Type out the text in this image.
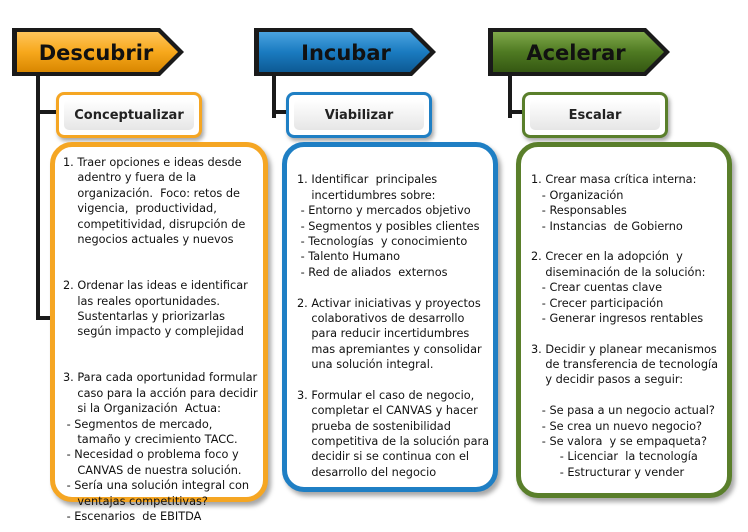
Descubrir
Conceptualizar
1. Traer opciones e ideas desde
adentro y fuera de la
organización.  Foco: retos de
vigencia,  productividad,
competitividad, disrupción de
negocios actuales y nuevos
2. Ordenar las ideas e identificar
las reales oportunidades.
Sustentarlas y priorizarlas
según impacto y complejidad
3. Para cada oportunidad formular
caso para la acción para decidir
si la Organización  Actua:
- Segmentos de mercado,
tamaño y crecimiento TACC.
- Necesidad o problema foco y
CANVAS de nuestra solución.
- Sería una solución integral con
ventajas competitivas?
- Escenarios  de EBITDA
Incubar
Viabilizar
1. Identificar  principales
incertidumbres sobre:
- Entorno y mercados objetivo
- Segmentos y posibles clientes
- Tecnologías  y conocimiento
- Talento Humano
- Red de aliados  externos
2. Activar iniciativas y proyectos
colaborativos de desarrollo
para reducir incertidumbres
mas apremiantes y consolidar
una solución integral.
3. Formular el caso de negocio,
completar el CANVAS y hacer
prueba de sostenibilidad
competitiva de la solución para
decidir si se continua con el
desarrollo del negocio
Acelerar
Escalar
1. Crear masa crítica interna:
- Organización
- Responsables
- Instancias  de Gobierno
2. Crecer en la adopción  y
diseminación de la solución:
- Crear cuentas clave
- Crecer participación
- Generar ingresos rentables
3. Decidir y planear mecanismos
de transferencia de tecnología
y decidir pasos a seguir:
- Se pasa a un negocio actual?
- Se crea un nuevo negocio?
- Se valora  y se empaqueta?
- Licenciar  la tecnología
- Estructurar y vender
